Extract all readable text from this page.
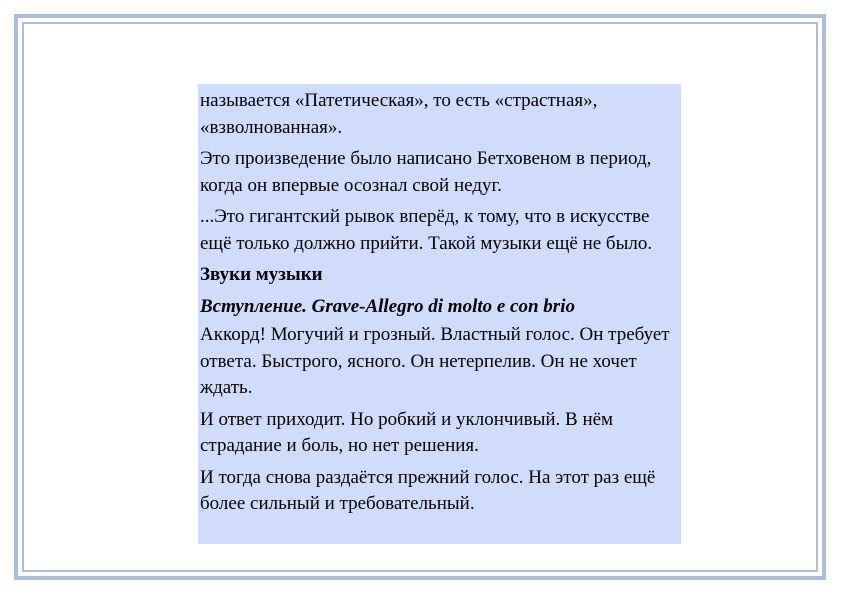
называется «Патетическая», то есть «страстная», «взволнованная».

Это произведение было написано Бетховеном в период, когда он впервые осознал свой недуг.

...Это гигантский рывок вперёд, к тому, что в искусстве ещё только должно прийти. Такой музыки ещё не было.

Звуки музыки

Вступление. Grave-Allegro di molto e con brio

Аккорд! Могучий и грозный. Властный голос. Он требует ответа. Быстрого, ясного. Он нетерпелив. Он не хочет ждать.

И ответ приходит. Но робкий и уклончивый. В нём страдание и боль, но нет решения.

И тогда снова раздаётся прежний голос. На этот раз ещё более сильный и требовательный.
